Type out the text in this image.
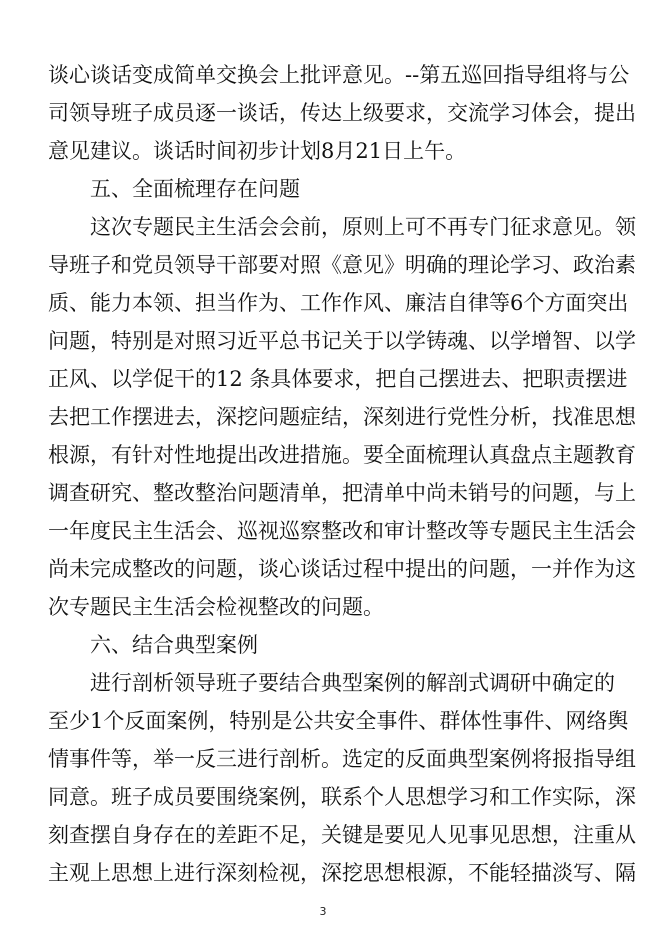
谈心谈话变成简单交换会上批评意见。--第五巡回指导组将与公
司领导班子成员逐一谈话，传达上级要求，交流学习体会，提出
意见建议。谈话时间初步计划8月21日上午。
五、全面梳理存在问题
这次专题民主生活会会前，原则上可不再专门征求意见。领
导班子和党员领导干部要对照《意见》明确的理论学习、政治素
质、能力本领、担当作为、工作作风、廉洁自律等6个方面突出
问题，特别是对照习近平总书记关于以学铸魂、以学增智、以学
正风、以学促干的12 条具体要求，把自己摆进去、把职责摆进
去把工作摆进去，深挖问题症结，深刻进行党性分析，找准思想
根源，有针对性地提出改进措施。要全面梳理认真盘点主题教育
调查研究、整改整治问题清单，把清单中尚未销号的问题，与上
一年度民主生活会、巡视巡察整改和审计整改等专题民主生活会
尚未完成整改的问题，谈心谈话过程中提出的问题，一并作为这
次专题民主生活会检视整改的问题。
六、结合典型案例
进行剖析领导班子要结合典型案例的解剖式调研中确定的
至少1个反面案例，特别是公共安全事件、群体性事件、网络舆
情事件等，举一反三进行剖析。选定的反面典型案例将报指导组
同意。班子成员要围绕案例，联系个人思想学习和工作实际，深
刻查摆自身存在的差距不足，关键是要见人见事见思想，注重从
主观上思想上进行深刻检视，深挖思想根源，不能轻描淡写、隔
3
